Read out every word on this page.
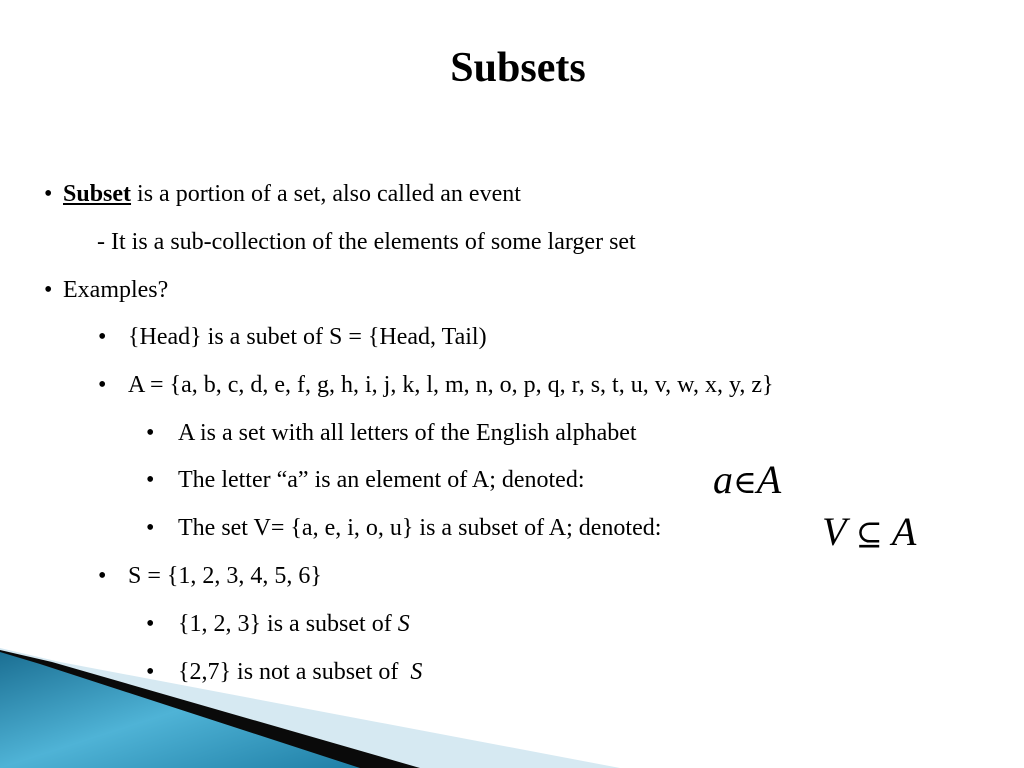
Subsets
• Subset is a portion of a set, also called an event
- It is a sub-collection of the elements of some larger set
• Examples?
• {Head} is a subet of S = {Head, Tail)
• A = {a, b, c, d, e, f, g, h, i, j, k, l, m, n, o, p, q, r, s, t, u, v, w, x, y, z}
• A is a set with all letters of the English alphabet
• The letter “a” is an element of A; denoted:	a∈A
• The set V= {a, e, i, o, u} is a subset of A; denoted:	V ⊆ A
• S = {1, 2, 3, 4, 5, 6}
• {1, 2, 3} is a subset of S
• {2,7} is not a subset of S
